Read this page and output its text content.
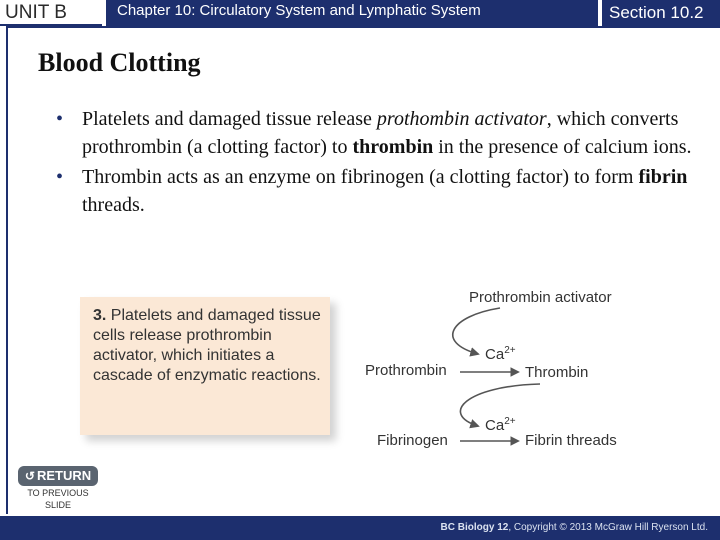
UNIT B	Chapter 10: Circulatory System and Lymphatic System	Section 10.2
Blood Clotting
• Platelets and damaged tissue release prothombin activator, which converts prothrombin (a clotting factor) to thrombin in the presence of calcium ions.
• Thrombin acts as an enzyme on fibrinogen (a clotting factor) to form fibrin threads.
3. Platelets and damaged tissue cells release prothrombin activator, which initiates a cascade of enzymatic reactions.
Prothrombin activator
$Ca^{2+}$
Prothrombin	Thrombin
$Ca^{2+}$
Fibrinogen	Fibrin threads
↺ RETURN
TO PREVIOUS
SLIDE
BC Biology 12, Copyright © 2013 McGraw Hill Ryerson Ltd.
